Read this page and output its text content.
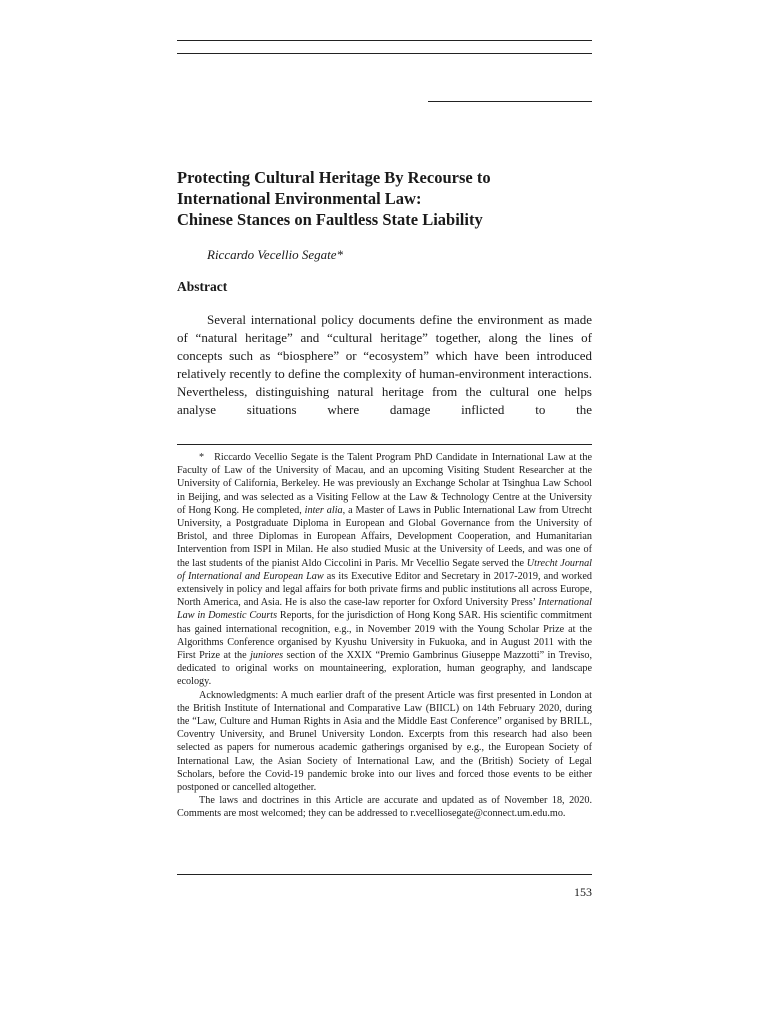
Protecting Cultural Heritage By Recourse to
International Environmental Law:
Chinese Stances on Faultless State Liability
Riccardo Vecellio Segate*
Abstract

Several international policy documents define the environment as made of “natural heritage” and “cultural heritage” together, along the lines of concepts such as “biosphere” or “ecosystem” which have been introduced relatively recently to define the complexity of human-environment interactions. Nevertheless, distinguishing natural heritage from the cultural one helps analyse situations where damage inflicted to the

* Riccardo Vecellio Segate is the Talent Program PhD Candidate in International Law at the Faculty of Law of the University of Macau, and an upcoming Visiting Student Researcher at the University of California, Berkeley. He was previously an Exchange Scholar at Tsinghua Law School in Beijing, and was selected as a Visiting Fellow at the Law & Technology Centre at the University of Hong Kong. He completed, inter alia, a Master of Laws in Public International Law from Utrecht University, a Postgraduate Diploma in European and Global Governance from the University of Bristol, and three Diplomas in European Affairs, Development Cooperation, and Humanitarian Intervention from ISPI in Milan. He also studied Music at the University of Leeds, and was one of the last students of the pianist Aldo Ciccolini in Paris. Mr Vecellio Segate served the Utrecht Journal of International and European Law as its Executive Editor and Secretary in 2017-2019, and worked extensively in policy and legal affairs for both private firms and public institutions all across Europe, North America, and Asia. He is also the case-law reporter for Oxford University Press’ International Law in Domestic Courts Reports, for the jurisdiction of Hong Kong SAR. His scientific commitment has gained international recognition, e.g., in November 2019 with the Young Scholar Prize at the Algorithms Conference organised by Kyushu University in Fukuoka, and in August 2011 with the First Prize at the juniores section of the XXIX “Premio Gambrinus Giuseppe Mazzotti” in Treviso, dedicated to original works on mountaineering, exploration, human geography, and landscape ecology.

Acknowledgments: A much earlier draft of the present Article was first presented in London at the British Institute of International and Comparative Law (BIICL) on 14th February 2020, during the “Law, Culture and Human Rights in Asia and the Middle East Conference” organised by BRILL, Coventry University, and Brunel University London. Excerpts from this research had also been selected as papers for numerous academic gatherings organised by e.g., the European Society of International Law, the Asian Society of International Law, and the (British) Society of Legal Scholars, before the Covid-19 pandemic broke into our lives and forced those events to be either postponed or cancelled altogether.

The laws and doctrines in this Article are accurate and updated as of November 18, 2020. Comments are most welcomed; they can be addressed to r.vecelliosegate@connect.um.edu.mo.

153
